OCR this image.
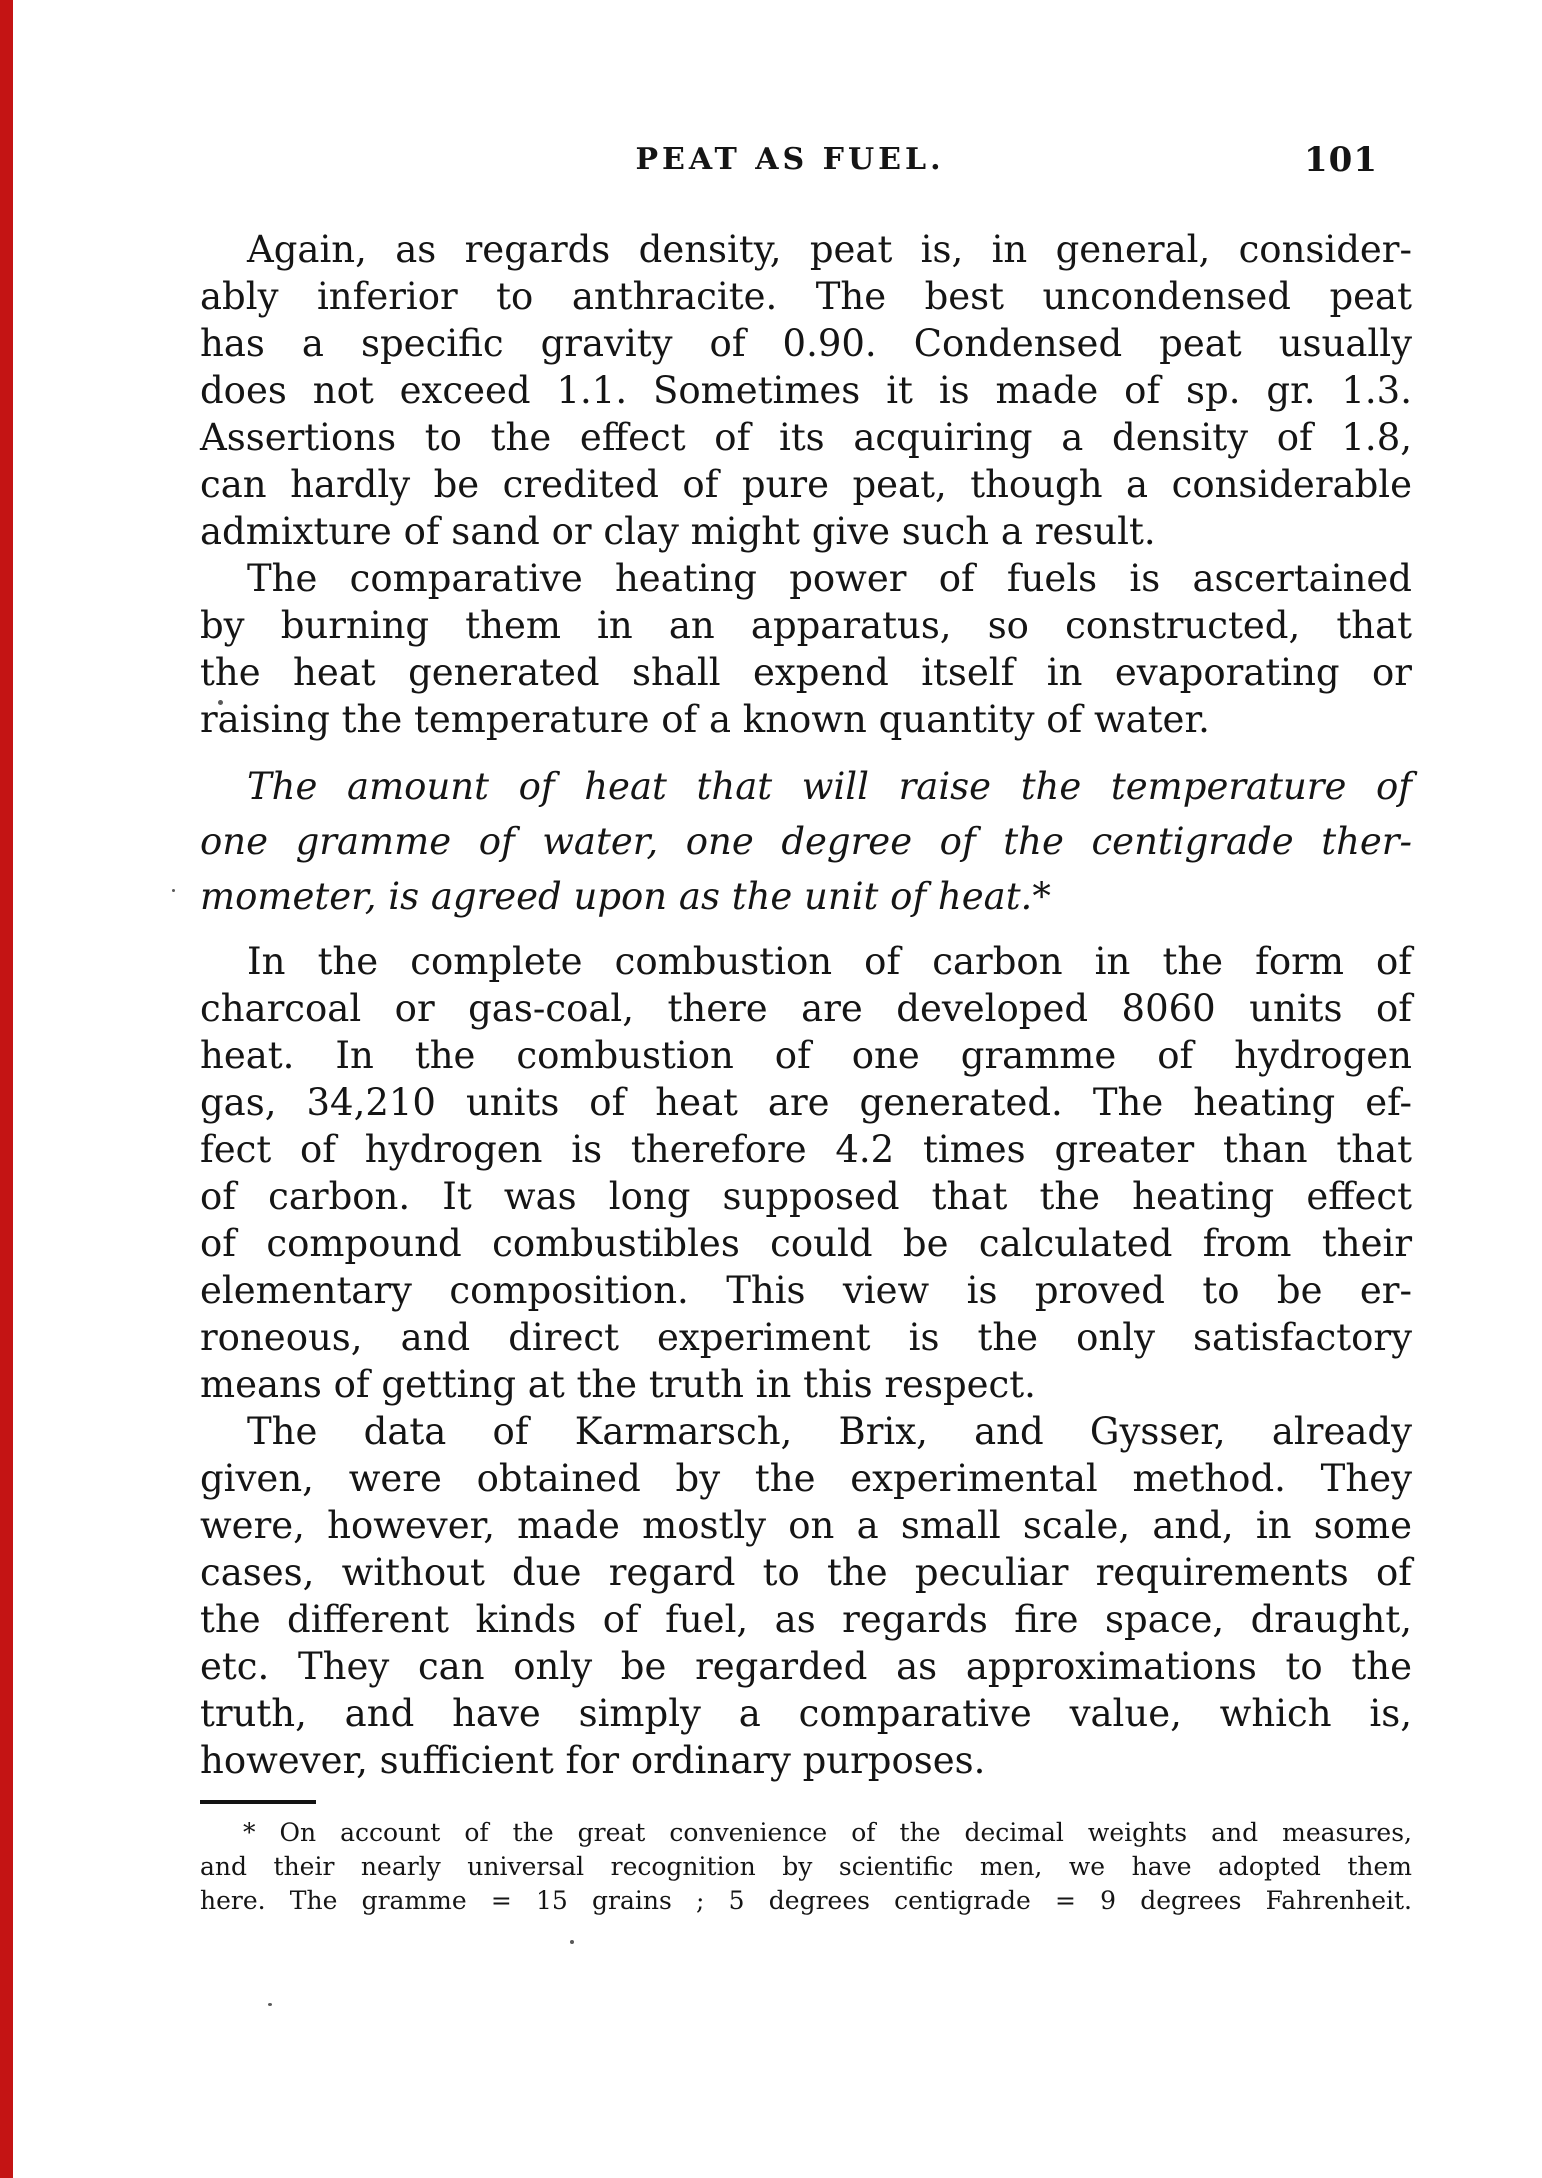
PEAT AS FUEL.	101
Again, as regards density, peat is, in general, consider-
ably inferior to anthracite. The best uncondensed peat
has a specific gravity of 0.90. Condensed peat usually
does not exceed 1.1. Sometimes it is made of sp. gr. 1.3.
Assertions to the effect of its acquiring a density of 1.8,
can hardly be credited of pure peat, though a considerable
admixture of sand or clay might give such a result.
The comparative heating power of fuels is ascertained
by burning them in an apparatus, so constructed, that
the heat generated shall expend itself in evaporating or
raising the temperature of a known quantity of water.
The amount of heat that will raise the temperature of
one gramme of water, one degree of the centigrade ther-
mometer, is agreed upon as the unit of heat.*
In the complete combustion of carbon in the form of
charcoal or gas-coal, there are developed 8060 units of
heat. In the combustion of one gramme of hydrogen
gas, 34,210 units of heat are generated. The heating ef-
fect of hydrogen is therefore 4.2 times greater than that
of carbon. It was long supposed that the heating effect
of compound combustibles could be calculated from their
elementary composition. This view is proved to be er-
roneous, and direct experiment is the only satisfactory
means of getting at the truth in this respect.
The data of Karmarsch, Brix, and Gysser, already
given, were obtained by the experimental method. They
were, however, made mostly on a small scale, and, in some
cases, without due regard to the peculiar requirements of
the different kinds of fuel, as regards fire space, draught,
etc. They can only be regarded as approximations to the
truth, and have simply a comparative value, which is,
however, sufficient for ordinary purposes.
* On account of the great convenience of the decimal weights and measures,
and their nearly universal recognition by scientific men, we have adopted them
here. The gramme = 15 grains ; 5 degrees centigrade = 9 degrees Fahrenheit.
